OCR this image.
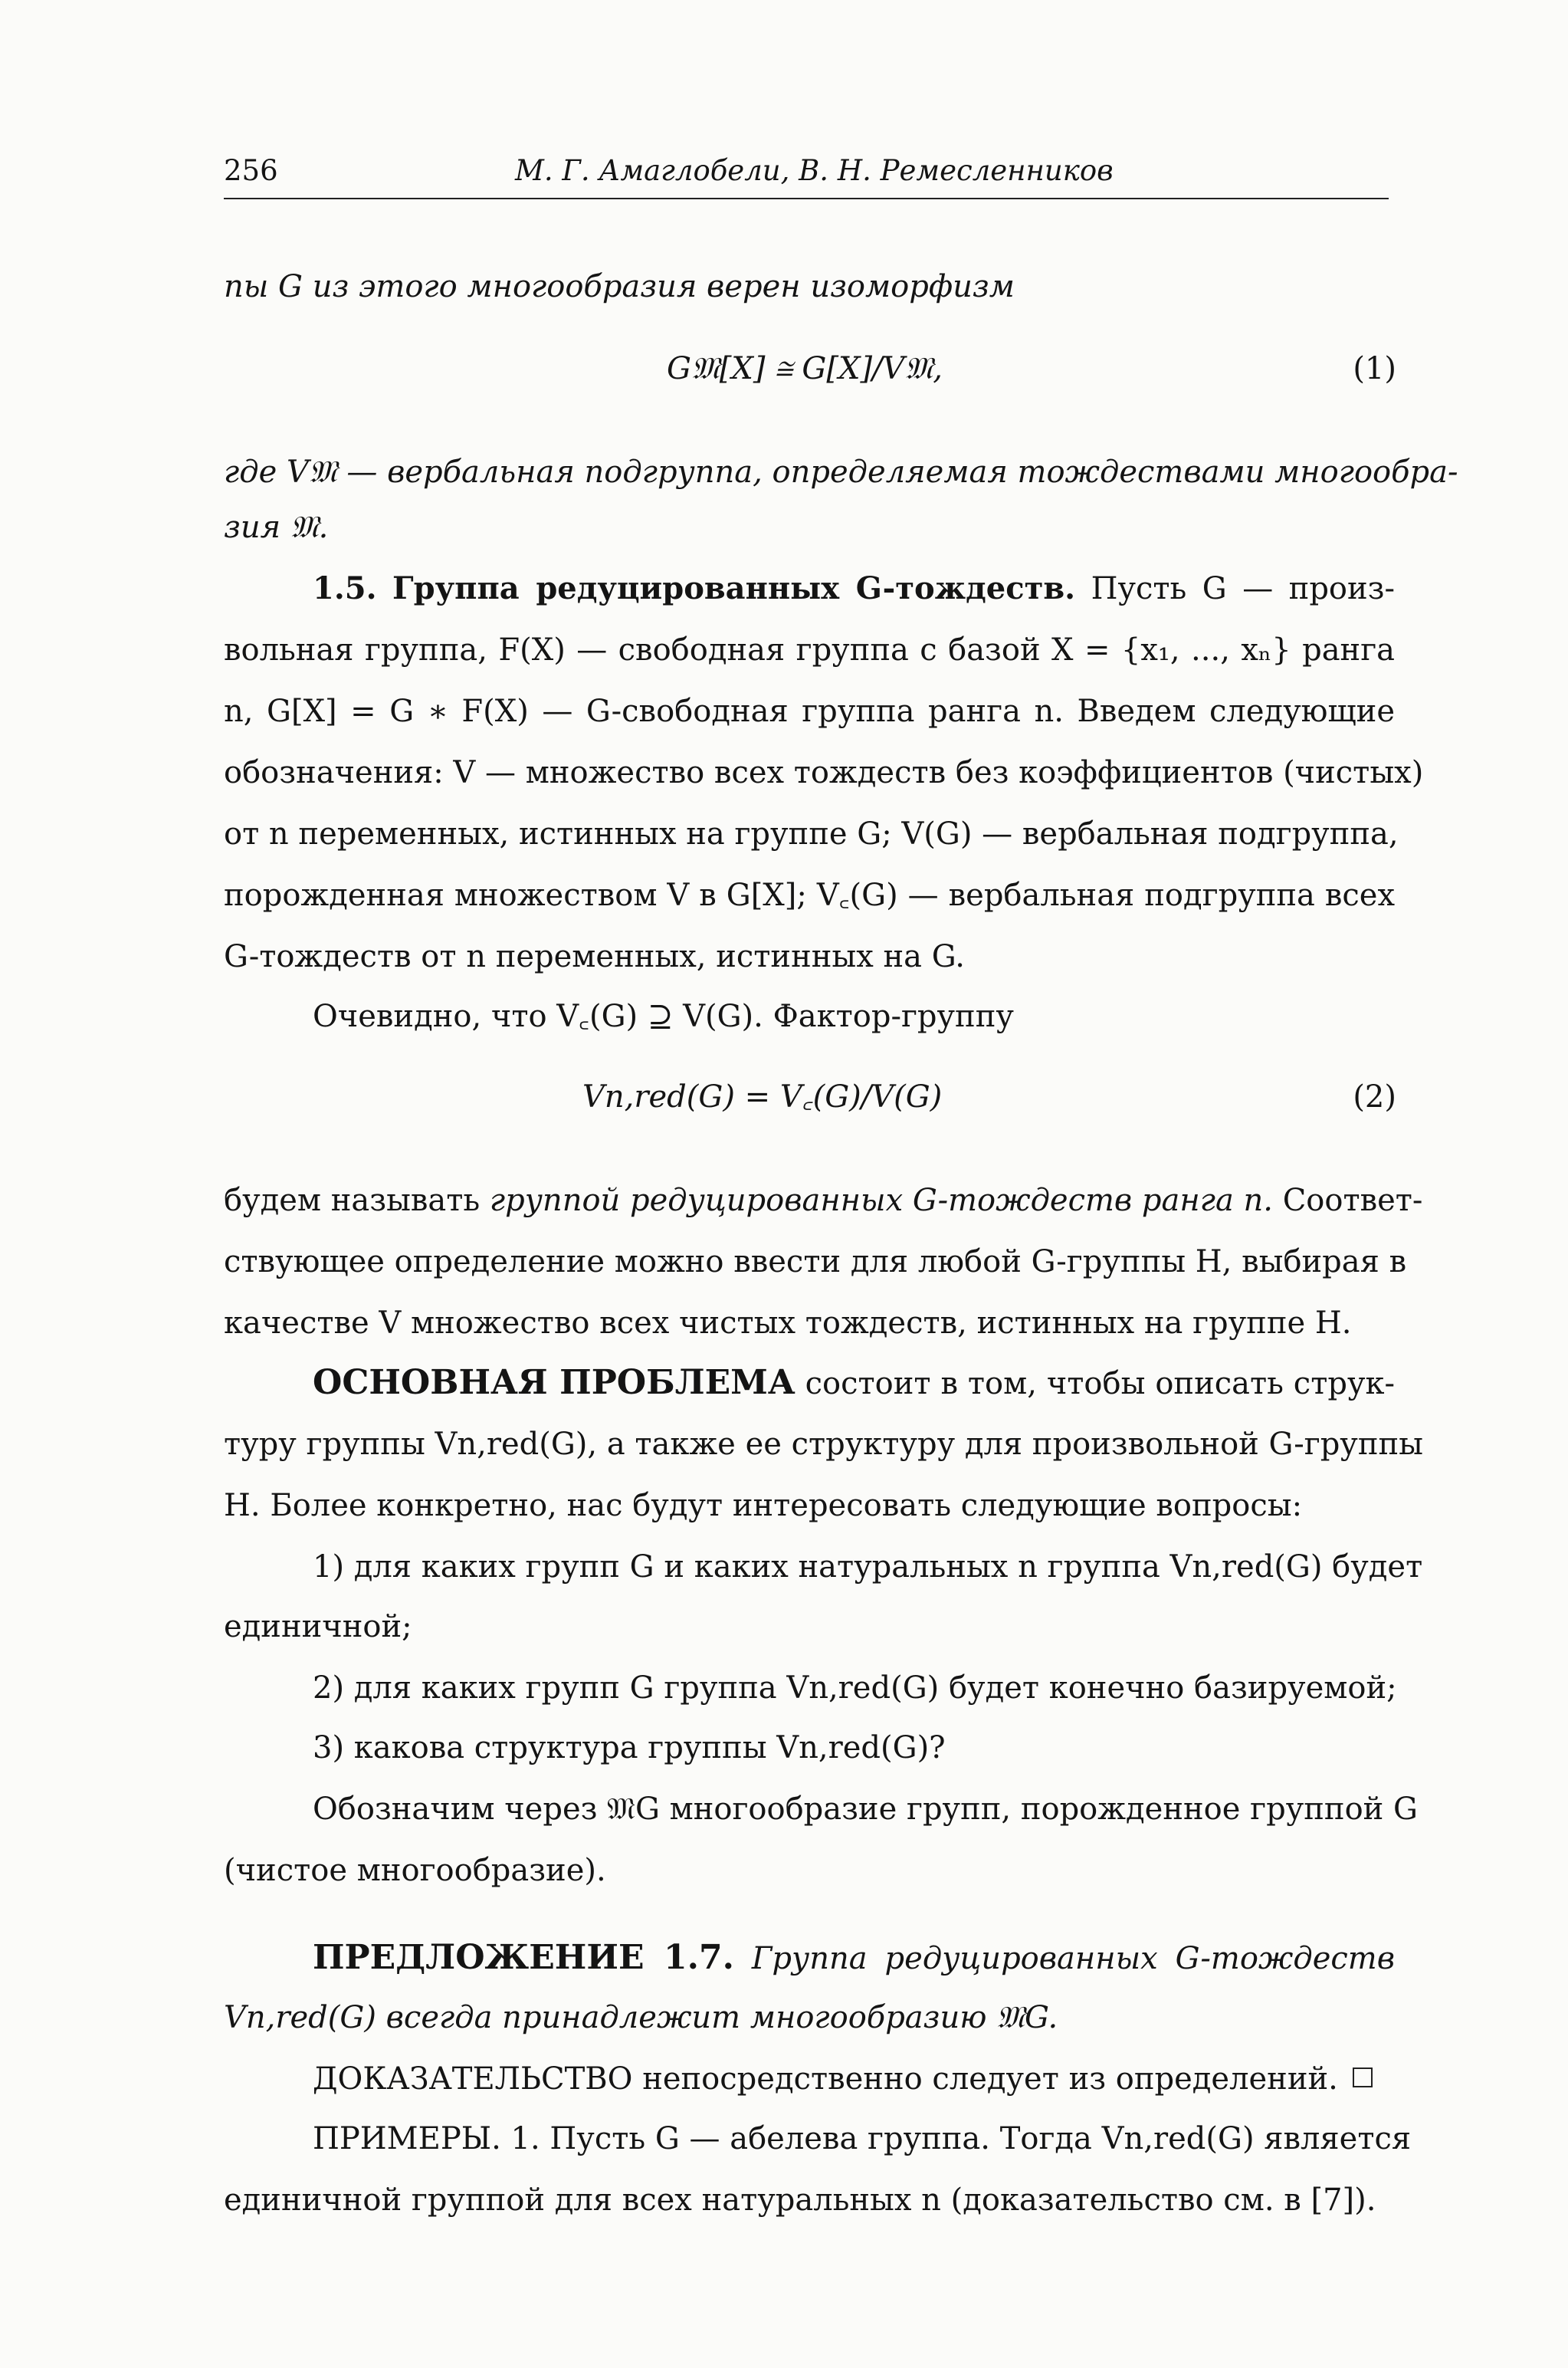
256	М. Г. Амаглобели, В. Н. Ремесленников
пы G из этого многообразия верен изоморфизм
G𝔐[X] ≅ G[X]/V𝔐,	(1)
где V𝔐 — вербальная подгруппа, определяемая тождествами многообра-
зия 𝔐.
1.5. Группа редуцированных G-тождеств. Пусть G — произ-
вольная группа, F(X) — свободная группа с базой X = {x₁, ..., xₙ} ранга
n, G[X] = G ∗ F(X) — G-свободная группа ранга n. Введем следующие
обозначения: V — множество всех тождеств без коэффициентов (чистых)
от n переменных, истинных на группе G; V(G) — вербальная подгруппа,
порожденная множеством V в G[X]; V꜀(G) — вербальная подгруппа всех
G-тождеств от n переменных, истинных на G.
Очевидно, что V꜀(G) ⊇ V(G). Фактор-группу
Vn,red(G) = V꜀(G)/V(G)	(2)
будем называть группой редуцированных G-тождеств ранга n. Соответ-
ствующее определение можно ввести для любой G-группы H, выбирая в
качестве V множество всех чистых тождеств, истинных на группе H.
ОСНОВНАЯ ПРОБЛЕМА состоит в том, чтобы описать струк-
туру группы Vn,red(G), а также ее структуру для произвольной G-группы
H. Более конкретно, нас будут интересовать следующие вопросы:
1) для каких групп G и каких натуральных n группа Vn,red(G) будет
единичной;
2) для каких групп G группа Vn,red(G) будет конечно базируемой;
3) какова структура группы Vn,red(G)?
Обозначим через 𝔐G многообразие групп, порожденное группой G
(чистое многообразие).
ПРЕДЛОЖЕНИЕ 1.7. Группа редуцированных G-тождеств
Vn,red(G) всегда принадлежит многообразию 𝔐G.
ДОКАЗАТЕЛЬСТВО непосредственно следует из определений.
ПРИМЕРЫ. 1. Пусть G — абелева группа. Тогда Vn,red(G) является
единичной группой для всех натуральных n (доказательство см. в [7]).
